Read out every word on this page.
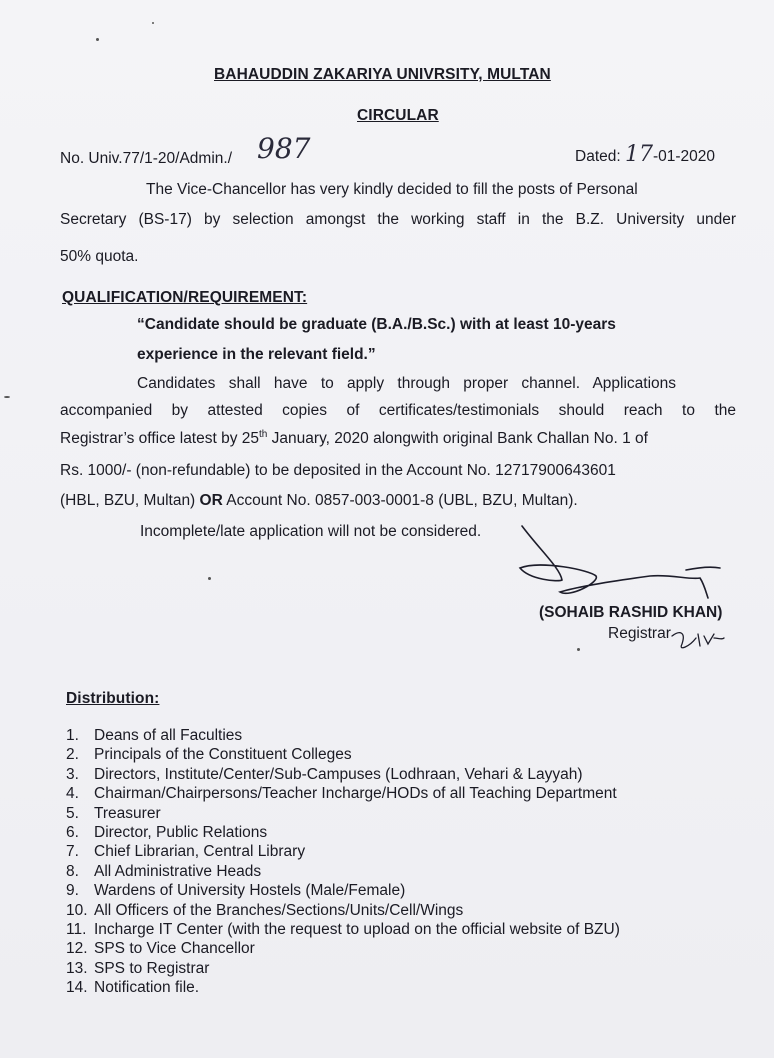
BAHAUDDIN ZAKARIYA UNIVRSITY, MULTAN
CIRCULAR
No. Univ.77/1-20/Admin./ 987	Dated: 17-01-2020
The Vice-Chancellor has very kindly decided to fill the posts of Personal
Secretary (BS-17) by selection amongst the working staff in the B.Z. University under
50% quota.
QUALIFICATION/REQUIREMENT:
“Candidate should be graduate (B.A./B.Sc.) with at least 10-years
experience in the relevant field.”
Candidates shall have to apply through proper channel. Applications
accompanied by attested copies of certificates/testimonials should reach to the
Registrar’s office latest by 25th January, 2020 alongwith original Bank Challan No. 1 of
Rs. 1000/- (non-refundable) to be deposited in the Account No. 12717900643601
(HBL, BZU, Multan) OR Account No. 0857-003-0001-8 (UBL, BZU, Multan).
Incomplete/late application will not be considered.
(SOHAIB RASHID KHAN)
Registrar
Distribution:
1. Deans of all Faculties
2. Principals of the Constituent Colleges
3. Directors, Institute/Center/Sub-Campuses (Lodhraan, Vehari & Layyah)
4. Chairman/Chairpersons/Teacher Incharge/HODs of all Teaching Department
5. Treasurer
6. Director, Public Relations
7. Chief Librarian, Central Library
8. All Administrative Heads
9. Wardens of University Hostels (Male/Female)
10. All Officers of the Branches/Sections/Units/Cell/Wings
11. Incharge IT Center (with the request to upload on the official website of BZU)
12. SPS to Vice Chancellor
13. SPS to Registrar
14. Notification file.
